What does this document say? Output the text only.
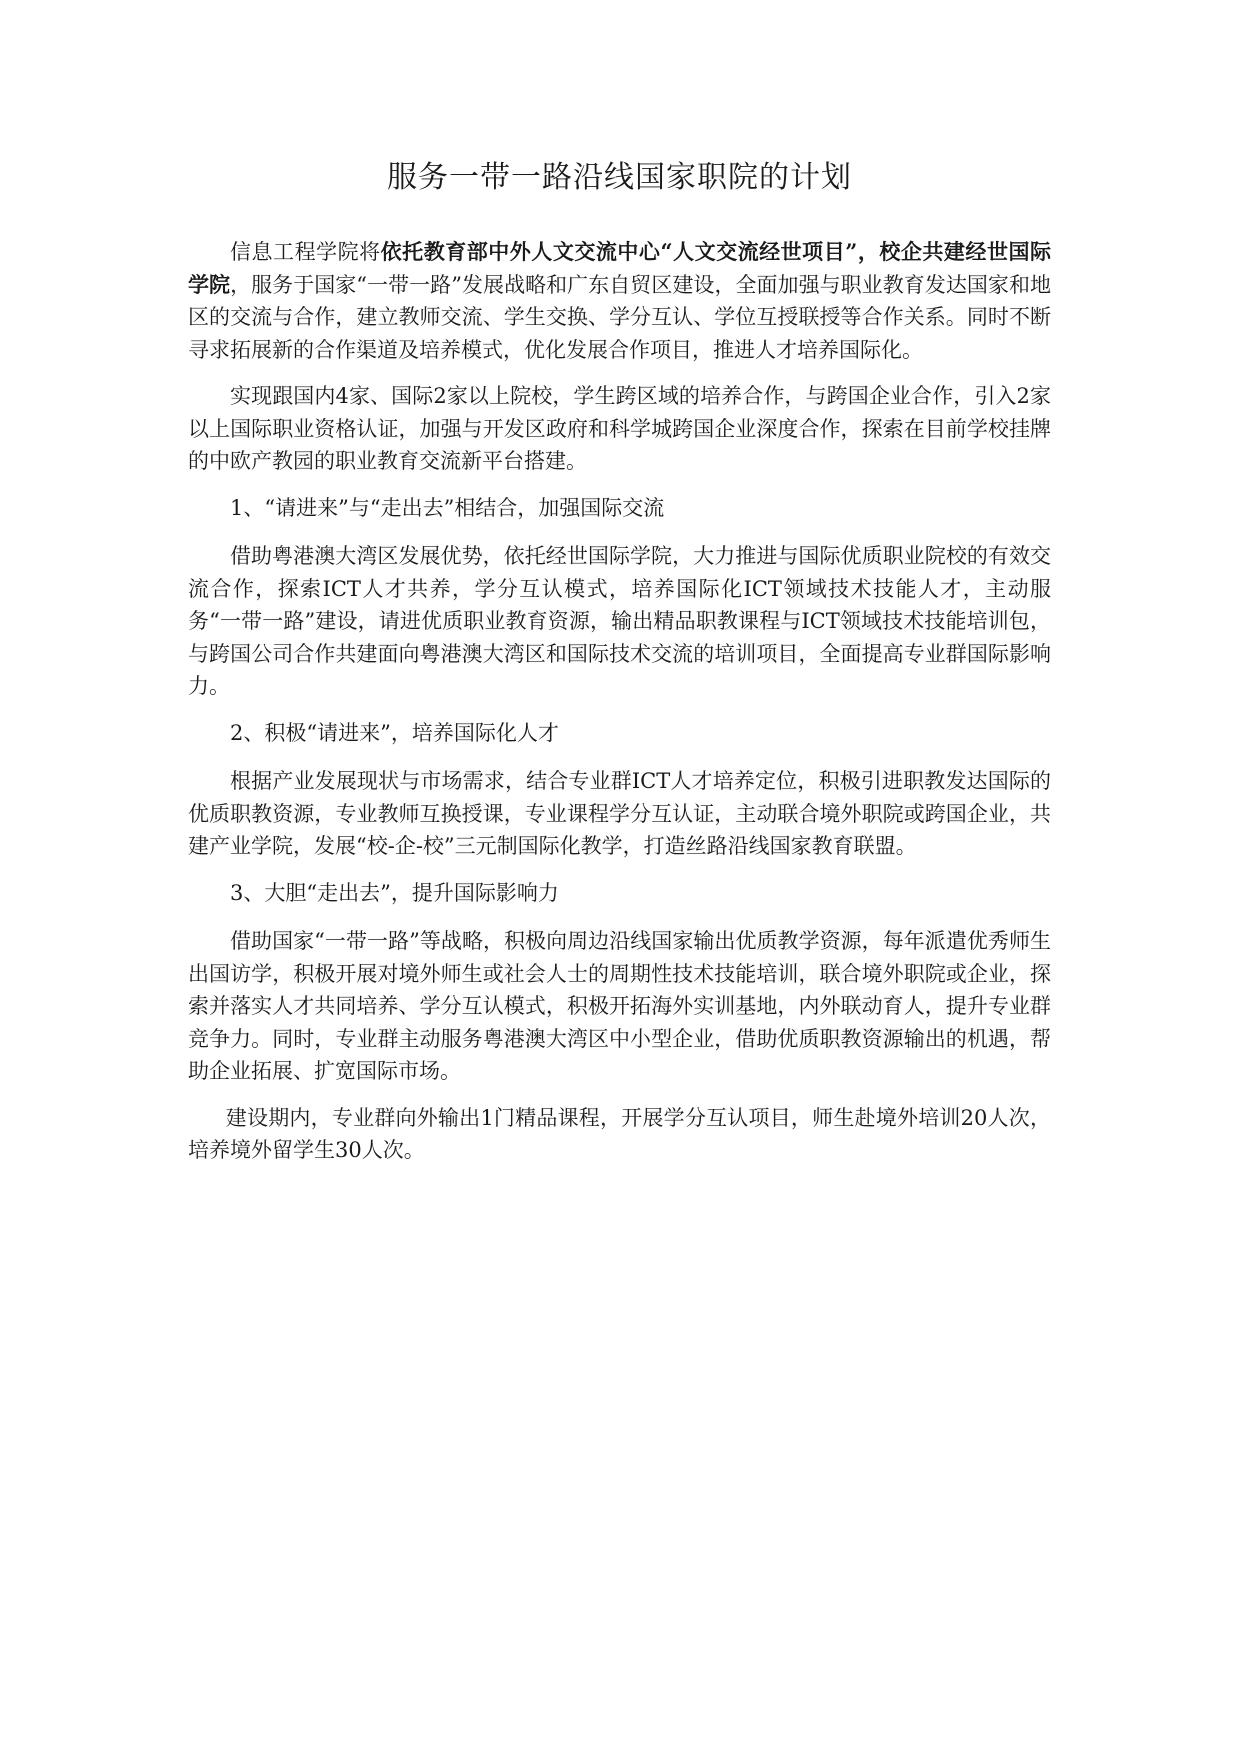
服务一带一路沿线国家职院的计划

信息工程学院将依托教育部中外人文交流中心“人文交流经世项目”，校企共建经世国际学院，服务于国家“一带一路”发展战略和广东自贸区建设，全面加强与职业教育发达国家和地区的交流与合作，建立教师交流、学生交换、学分互认、学位互授联授等合作关系。同时不断寻求拓展新的合作渠道及培养模式，优化发展合作项目，推进人才培养国际化。

实现跟国内4家、国际2家以上院校，学生跨区域的培养合作，与跨国企业合作，引入2家以上国际职业资格认证，加强与开发区政府和科学城跨国企业深度合作，探索在目前学校挂牌的中欧产教园的职业教育交流新平台搭建。

1、“请进来”与“走出去”相结合，加强国际交流

借助粤港澳大湾区发展优势，依托经世国际学院，大力推进与国际优质职业院校的有效交流合作，探索ICT人才共养，学分互认模式，培养国际化ICT领域技术技能人才，主动服务“一带一路”建设，请进优质职业教育资源，输出精品职教课程与ICT领域技术技能培训包，与跨国公司合作共建面向粤港澳大湾区和国际技术交流的培训项目，全面提高专业群国际影响力。

2、积极“请进来”，培养国际化人才

根据产业发展现状与市场需求，结合专业群ICT人才培养定位，积极引进职教发达国际的优质职教资源，专业教师互换授课，专业课程学分互认证，主动联合境外职院或跨国企业，共建产业学院，发展“校-企-校”三元制国际化教学，打造丝路沿线国家教育联盟。

3、大胆“走出去”，提升国际影响力

借助国家“一带一路”等战略，积极向周边沿线国家输出优质教学资源，每年派遣优秀师生出国访学，积极开展对境外师生或社会人士的周期性技术技能培训，联合境外职院或企业，探索并落实人才共同培养、学分互认模式，积极开拓海外实训基地，内外联动育人，提升专业群竞争力。同时，专业群主动服务粤港澳大湾区中小型企业，借助优质职教资源输出的机遇，帮助企业拓展、扩宽国际市场。

建设期内，专业群向外输出1门精品课程，开展学分互认项目，师生赴境外培训20人次，培养境外留学生30人次。
